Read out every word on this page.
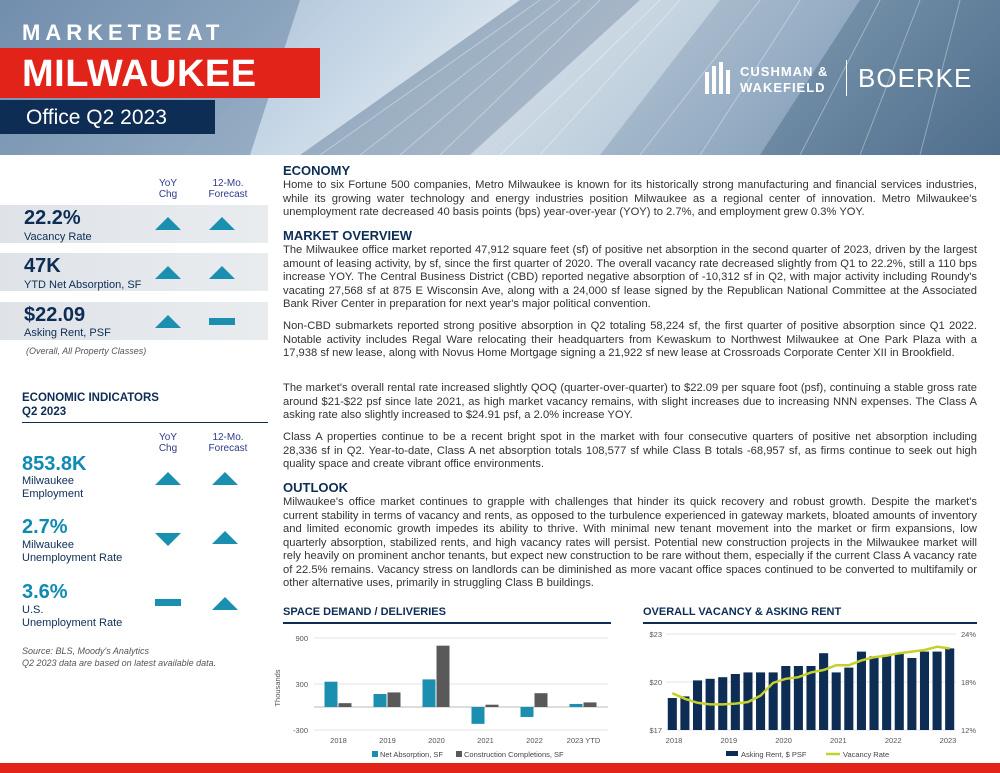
MARKETBEAT
MILWAUKEE
Office Q2 2023
CUSHMAN &
WAKEFIELD BOERKE
YoY
Chg
12-Mo.
Forecast
22.2%
Vacancy Rate
47K
YTD Net Absorption, SF
$22.09
Asking Rent, PSF
(Overall, All Property Classes)
ECONOMIC INDICATORS
Q2 2023
YoY
Chg
12-Mo.
Forecast
853.8K
Milwaukee
Employment
2.7%
Milwaukee
Unemployment Rate
3.6%
U.S.
Unemployment Rate
Source: BLS, Moody's Analytics
Q2 2023 data are based on latest available data.
ECONOMY
Home to six Fortune 500 companies, Metro Milwaukee is known for its historically strong manufacturing and financial services industries, while its growing water technology and energy industries position Milwaukee as a regional center of innovation. Metro Milwaukee's unemployment rate decreased 40 basis points (bps) year-over-year (YOY) to 2.7%, and employment grew 0.3% YOY.
MARKET OVERVIEW
The Milwaukee office market reported 47,912 square feet (sf) of positive net absorption in the second quarter of 2023, driven by the largest amount of leasing activity, by sf, since the first quarter of 2020. The overall vacancy rate decreased slightly from Q1 to 22.2%, still a 110 bps increase YOY. The Central Business District (CBD) reported negative absorption of -10,312 sf in Q2, with major activity including Roundy's vacating 27,568 sf at 875 E Wisconsin Ave, along with a 24,000 sf lease signed by the Republican National Committee at the Associated Bank River Center in preparation for next year's major political convention.
Non-CBD submarkets reported strong positive absorption in Q2 totaling 58,224 sf, the first quarter of positive absorption since Q1 2022. Notable activity includes Regal Ware relocating their headquarters from Kewaskum to Northwest Milwaukee at One Park Plaza with a 17,938 sf new lease, along with Novus Home Mortgage signing a 21,922 sf new lease at Crossroads Corporate Center XII in Brookfield.
The market's overall rental rate increased slightly QOQ (quarter-over-quarter) to $22.09 per square foot (psf), continuing a stable gross rate around $21-$22 psf since late 2021, as high market vacancy remains, with slight increases due to increasing NNN expenses. The Class A asking rate also slightly increased to $24.91 psf, a 2.0% increase YOY.
Class A properties continue to be a recent bright spot in the market with four consecutive quarters of positive net absorption including 28,336 sf in Q2. Year-to-date, Class A net absorption totals 108,577 sf while Class B totals -68,957 sf, as firms continue to seek out high quality space and create vibrant office environments.
OUTLOOK
Milwaukee's office market continues to grapple with challenges that hinder its quick recovery and robust growth. Despite the market's current stability in terms of vacancy and rents, as opposed to the turbulence experienced in gateway markets, bloated amounts of inventory and limited economic growth impedes its ability to thrive. With minimal new tenant movement into the market or firm expansions, low quarterly absorption, stabilized rents, and high vacancy rates will persist. Potential new construction projects in the Milwaukee market will rely heavily on prominent anchor tenants, but expect new construction to be rare without them, especially if the current Class A vacancy rate of 22.5% remains. Vacancy stress on landlords can be diminished as more vacant office spaces continued to be converted to multifamily or other alternative uses, primarily in struggling Class B buildings.
SPACE DEMAND / DELIVERIES
900
300
-300
Thousands
2018	2019	2020	2021	2022	2023 YTD
Net Absorption, SF	Construction Completions, SF
OVERALL VACANCY & ASKING RENT
$23
$20
$17
24%
18%
12%
2018	2019	2020	2021	2022	2023
Asking Rent, $ PSF	Vacancy Rate
